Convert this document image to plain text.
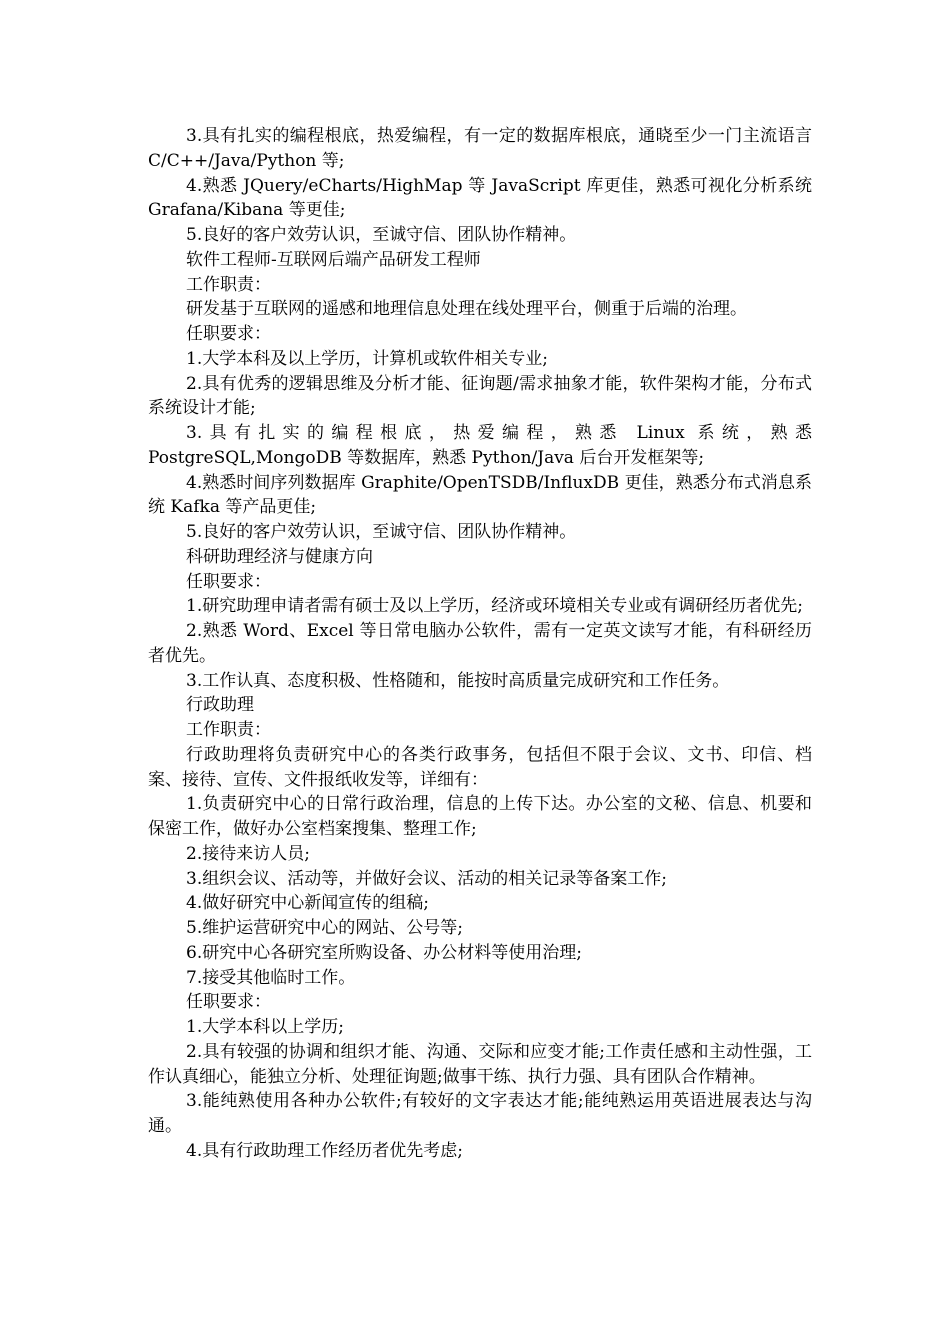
3.具有扎实的编程根底，热爱编程，有一定的数据库根底，通晓至少一门主流语言 C/C++/Java/Python 等;

4.熟悉 JQuery/eCharts/HighMap 等 JavaScript 库更佳，熟悉可视化分析系统 Grafana/Kibana 等更佳;

5.良好的客户效劳认识，至诚守信、团队协作精神。

软件工程师-互联网后端产品研发工程师

工作职责：

研发基于互联网的遥感和地理信息处理在线处理平台，侧重于后端的治理。

任职要求：

1.大学本科及以上学历，计算机或软件相关专业;

2.具有优秀的逻辑思维及分析才能、征询题/需求抽象才能，软件架构才能，分布式系统设计才能;

3.具有扎实的编程根底，热爱编程，熟悉 Linux 系统，熟悉 PostgreSQL,MongoDB 等数据库，熟悉 Python/Java 后台开发框架等;

4.熟悉时间序列数据库 Graphite/OpenTSDB/InfluxDB 更佳，熟悉分布式消息系统 Kafka 等产品更佳;

5.良好的客户效劳认识，至诚守信、团队协作精神。

科研助理经济与健康方向

任职要求：

1.研究助理申请者需有硕士及以上学历，经济或环境相关专业或有调研经历者优先;

2.熟悉 Word、Excel 等日常电脑办公软件，需有一定英文读写才能，有科研经历者优先。

3.工作认真、态度积极、性格随和，能按时高质量完成研究和工作任务。

行政助理

工作职责：

行政助理将负责研究中心的各类行政事务，包括但不限于会议、文书、印信、档案、接待、宣传、文件报纸收发等，详细有：

1.负责研究中心的日常行政治理，信息的上传下达。办公室的文秘、信息、机要和保密工作，做好办公室档案搜集、整理工作;

2.接待来访人员;

3.组织会议、活动等，并做好会议、活动的相关记录等备案工作;

4.做好研究中心新闻宣传的组稿;

5.维护运营研究中心的网站、公号等;

6.研究中心各研究室所购设备、办公材料等使用治理;

7.接受其他临时工作。

任职要求：

1.大学本科以上学历;

2.具有较强的协调和组织才能、沟通、交际和应变才能;工作责任感和主动性强，工作认真细心，能独立分析、处理征询题;做事干练、执行力强、具有团队合作精神。

3.能纯熟使用各种办公软件;有较好的文字表达才能;能纯熟运用英语进展表达与沟通。

4.具有行政助理工作经历者优先考虑;
